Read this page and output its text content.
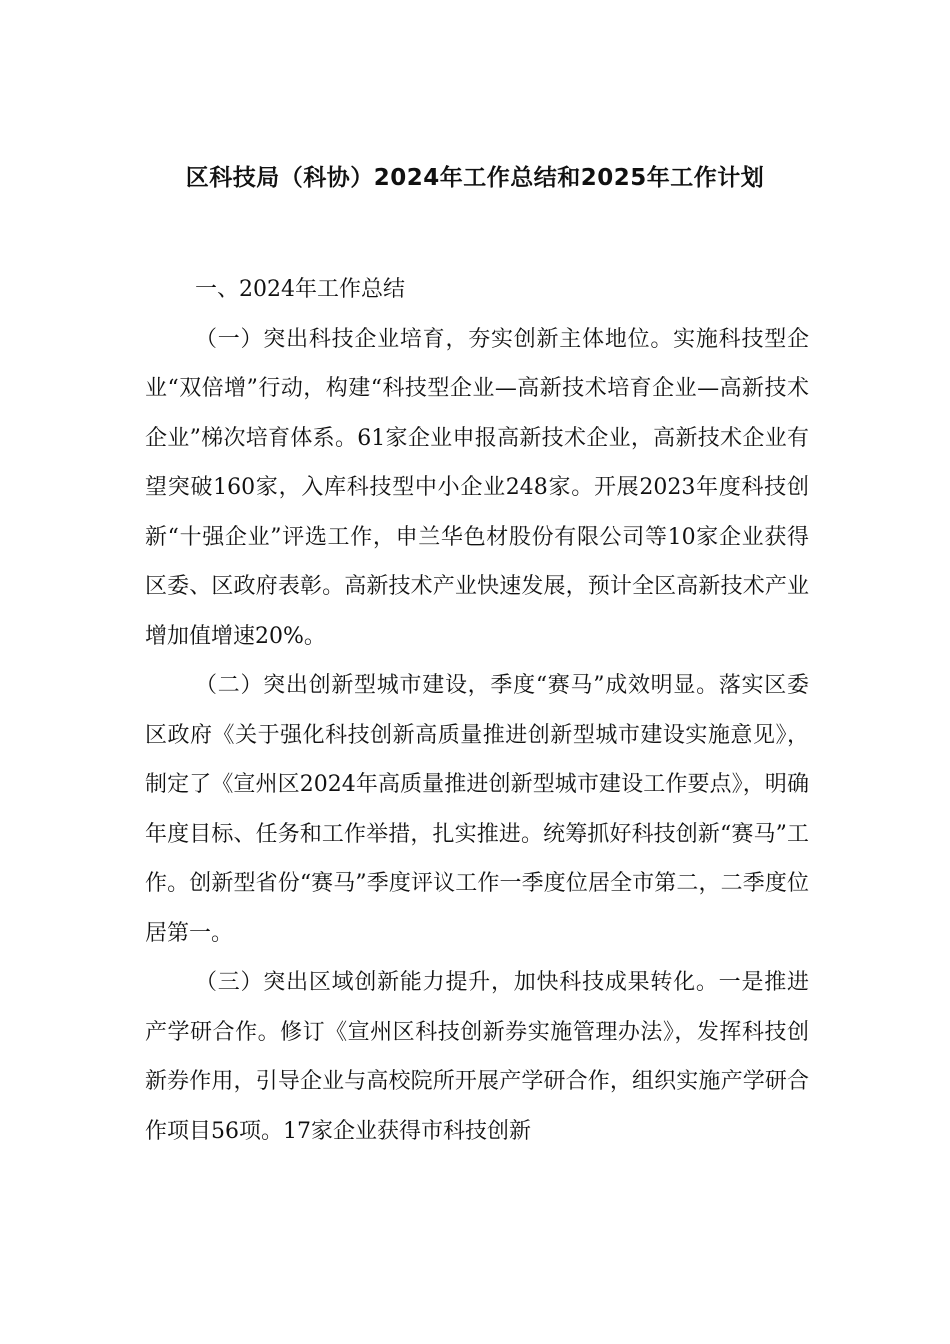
区科技局（科协）2024年工作总结和2025年工作计划

一、2024年工作总结

（一）突出科技企业培育，夯实创新主体地位。实施科技型企业“双倍增”行动，构建“科技型企业—高新技术培育企业—高新技术企业”梯次培育体系。61家企业申报高新技术企业，高新技术企业有望突破160家，入库科技型中小企业248家。开展2023年度科技创新“十强企业”评选工作，申兰华色材股份有限公司等10家企业获得区委、区政府表彰。高新技术产业快速发展，预计全区高新技术产业增加值增速20%。

（二）突出创新型城市建设，季度“赛马”成效明显。落实区委区政府《关于强化科技创新高质量推进创新型城市建设实施意见》，制定了《宣州区2024年高质量推进创新型城市建设工作要点》，明确年度目标、任务和工作举措，扎实推进。统筹抓好科技创新“赛马”工作。创新型省份“赛马”季度评议工作一季度位居全市第二，二季度位居第一。

（三）突出区域创新能力提升，加快科技成果转化。一是推进产学研合作。修订《宣州区科技创新券实施管理办法》，发挥科技创新券作用，引导企业与高校院所开展产学研合作，组织实施产学研合作项目56项。17家企业获得市科技创新
